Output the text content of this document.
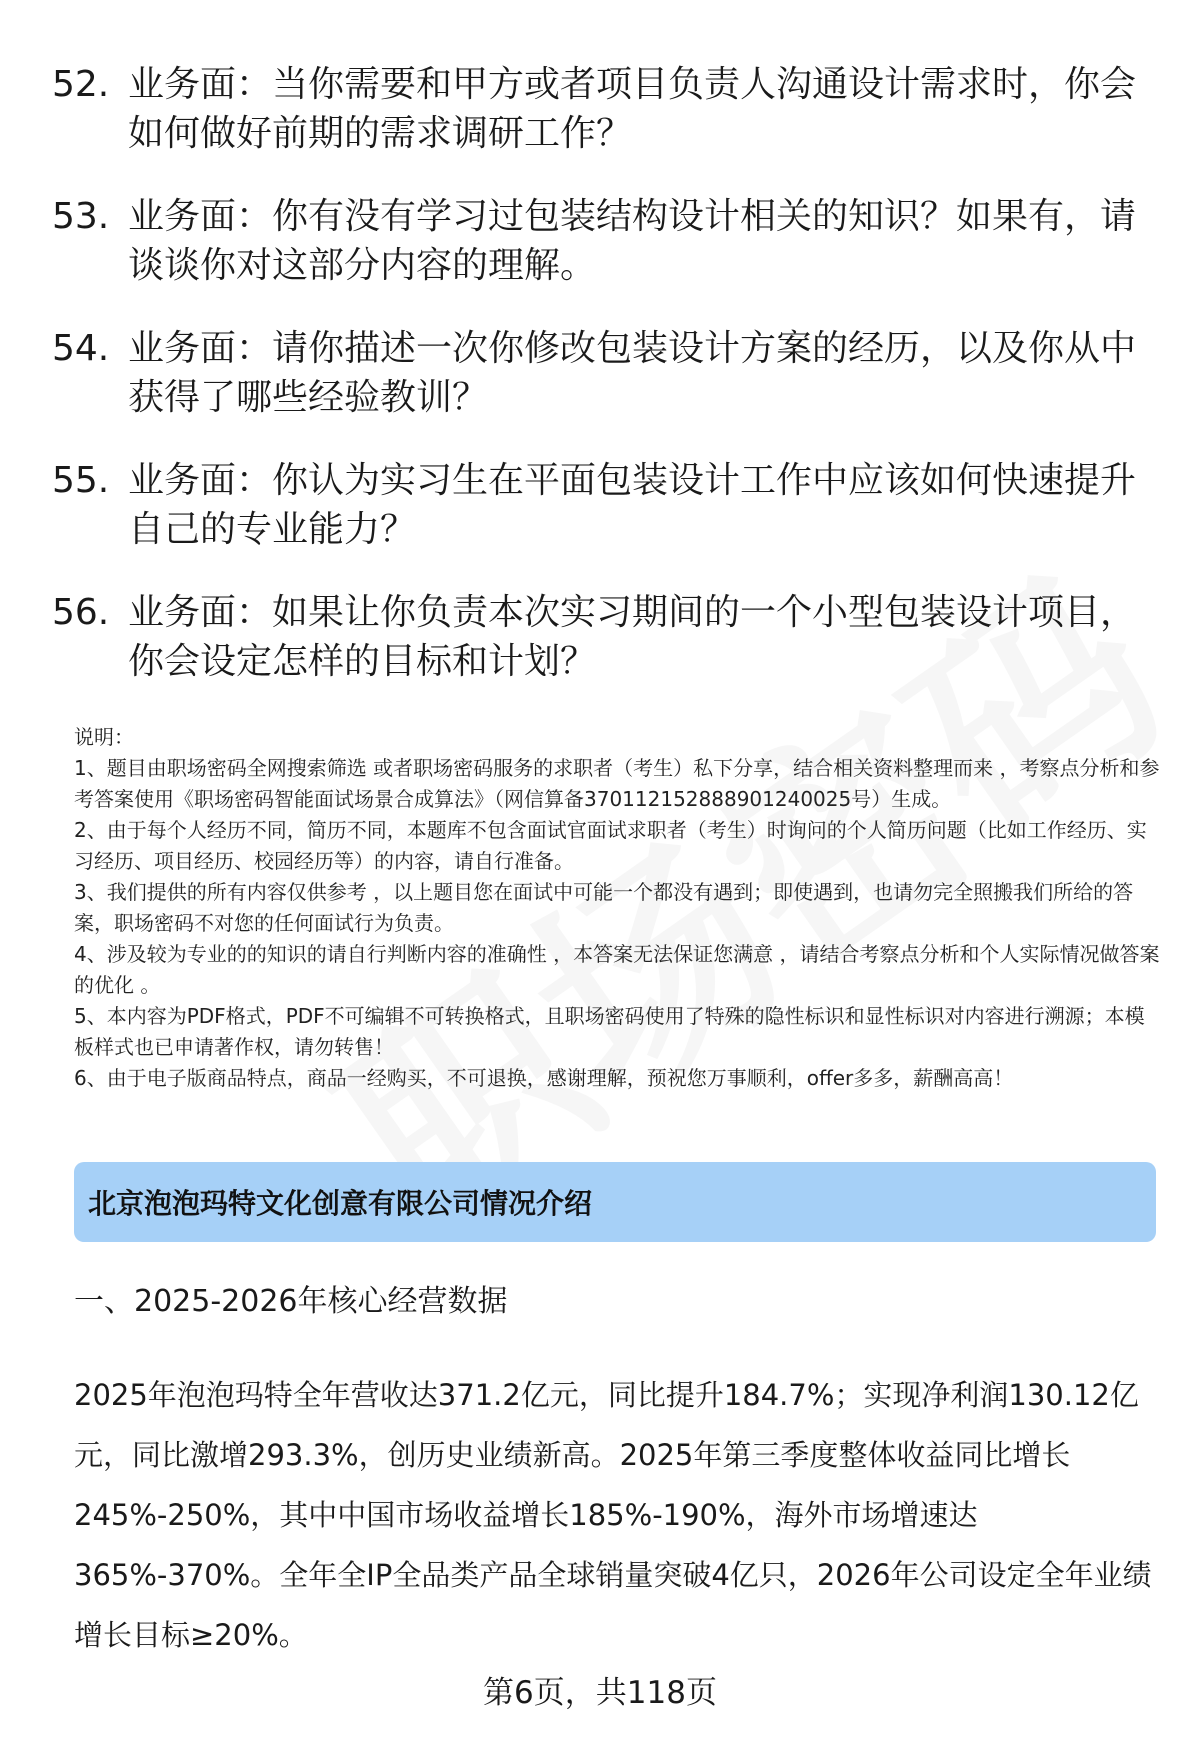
52. 业务面：当你需要和甲方或者项目负责人沟通设计需求时，你会如何做好前期的需求调研工作？
53. 业务面：你有没有学习过包装结构设计相关的知识？如果有，请谈谈你对这部分内容的理解。
54. 业务面：请你描述一次你修改包装设计方案的经历，以及你从中获得了哪些经验教训？
55. 业务面：你认为实习生在平面包装设计工作中应该如何快速提升自己的专业能力？
56. 业务面：如果让你负责本次实习期间的一个小型包装设计项目，你会设定怎样的目标和计划？

说明：

1、题目由职场密码全网搜索筛选 或者职场密码服务的求职者（考生）私下分享，结合相关资料整理而来 ，考察点分析和参考答案使用《职场密码智能面试场景合成算法》（网信算备370112152888901240025号）生成。

2、由于每个人经历不同，简历不同，本题库不包含面试官面试求职者（考生）时询问的个人简历问题（比如工作经历、实习经历、项目经历、校园经历等）的内容，请自行准备。

3、我们提供的所有内容仅供参考 ，以上题目您在面试中可能一个都没有遇到；即使遇到，也请勿完全照搬我们所给的答案，职场密码不对您的任何面试行为负责。

4、涉及较为专业的的知识的请自行判断内容的准确性 ，本答案无法保证您满意 ，请结合考察点分析和个人实际情况做答案的优化 。

5、本内容为PDF格式，PDF不可编辑不可转换格式，且职场密码使用了特殊的隐性标识和显性标识对内容进行溯源；本模板样式也已申请著作权，请勿转售！

6、由于电子版商品特点，商品一经购买，不可退换，感谢理解，预祝您万事顺利，offer多多，薪酬高高！

北京泡泡玛特文化创意有限公司情况介绍
一、2025-2026年核心经营数据

2025年泡泡玛特全年营收达371.2亿元，同比提升184.7%；实现净利润130.12亿元，同比激增293.3%，创历史业绩新高。2025年第三季度整体收益同比增长245%-250%，其中中国市场收益增长185%-190%，海外市场增速达365%-370%。全年全IP全品类产品全球销量突破4亿只，2026年公司设定全年业绩增长目标≥20%。

第6页，共118页
